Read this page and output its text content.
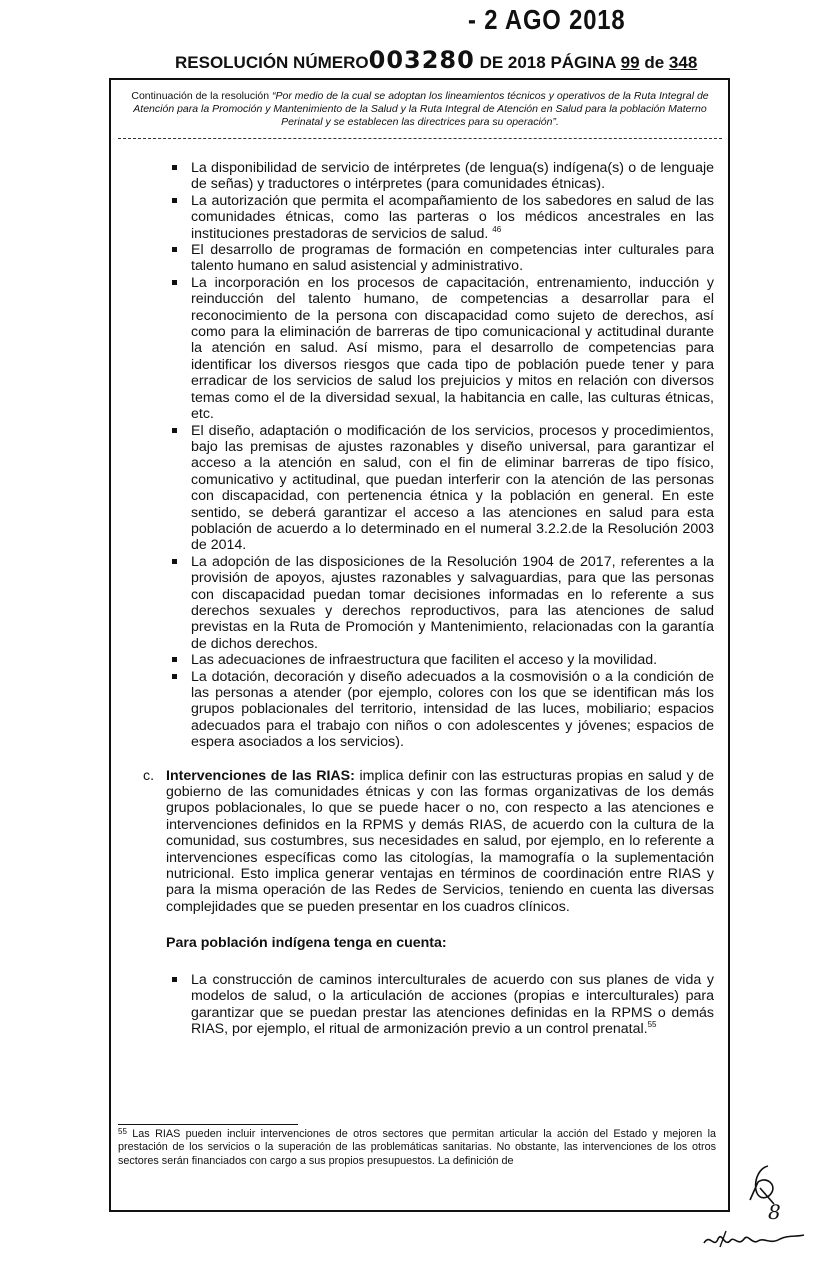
- 2 AGO 2018
RESOLUCIÓN NÚMERO003280 DE 2018 PÁGINA 99 de 348
Continuación de la resolución “Por medio de la cual se adoptan los lineamientos técnicos y operativos de la Ruta Integral de Atención para la Promoción y Mantenimiento de la Salud y la Ruta Integral de Atención en Salud para la población Materno Perinatal y se establecen las directrices para su operación”.
La disponibilidad de servicio de intérpretes (de lengua(s) indígena(s) o de lenguaje de señas) y traductores o intérpretes (para comunidades étnicas).
La autorización que permita el acompañamiento de los sabedores en salud de las comunidades étnicas, como las parteras o los médicos ancestrales en las instituciones prestadoras de servicios de salud. $^{46}$
El desarrollo de programas de formación en competencias inter culturales para talento humano en salud asistencial y administrativo.
La incorporación en los procesos de capacitación, entrenamiento, inducción y reinducción del talento humano, de competencias a desarrollar para el reconocimiento de la persona con discapacidad como sujeto de derechos, así como para la eliminación de barreras de tipo comunicacional y actitudinal durante la atención en salud. Así mismo, para el desarrollo de competencias para identificar los diversos riesgos que cada tipo de población puede tener y para erradicar de los servicios de salud los prejuicios y mitos en relación con diversos temas como el de la diversidad sexual, la habitancia en calle, las culturas étnicas, etc.
El diseño, adaptación o modificación de los servicios, procesos y procedimientos, bajo las premisas de ajustes razonables y diseño universal, para garantizar el acceso a la atención en salud, con el fin de eliminar barreras de tipo físico, comunicativo y actitudinal, que puedan interferir con la atención de las personas con discapacidad, con pertenencia étnica y la población en general. En este sentido, se deberá garantizar el acceso a las atenciones en salud para esta población de acuerdo a lo determinado en el numeral 3.2.2.de la Resolución 2003 de 2014.
La adopción de las disposiciones de la Resolución 1904 de 2017, referentes a la provisión de apoyos, ajustes razonables y salvaguardias, para que las personas con discapacidad puedan tomar decisiones informadas en lo referente a sus derechos sexuales y derechos reproductivos, para las atenciones de salud previstas en la Ruta de Promoción y Mantenimiento, relacionadas con la garantía de dichos derechos.
Las adecuaciones de infraestructura que faciliten el acceso y la movilidad.
La dotación, decoración y diseño adecuados a la cosmovisión o a la condición de las personas a atender (por ejemplo, colores con los que se identifican más los grupos poblacionales del territorio, intensidad de las luces, mobiliario; espacios adecuados para el trabajo con niños o con adolescentes y jóvenes; espacios de espera asociados a los servicios).
c. Intervenciones de las RIAS: implica definir con las estructuras propias en salud y de gobierno de las comunidades étnicas y con las formas organizativas de los demás grupos poblacionales, lo que se puede hacer o no, con respecto a las atenciones e intervenciones definidos en la RPMS y demás RIAS, de acuerdo con la cultura de la comunidad, sus costumbres, sus necesidades en salud, por ejemplo, en lo referente a intervenciones específicas como las citologías, la mamografía o la suplementación nutricional. Esto implica generar ventajas en términos de coordinación entre RIAS y para la misma operación de las Redes de Servicios, teniendo en cuenta las diversas complejidades que se pueden presentar en los cuadros clínicos.
Para población indígena tenga en cuenta:
La construcción de caminos interculturales de acuerdo con sus planes de vida y modelos de salud, o la articulación de acciones (propias e interculturales) para garantizar que se puedan prestar las atenciones definidas en la RPMS o demás RIAS, por ejemplo, el ritual de armonización previo a un control prenatal.$^{55}$
$^{55}$ Las RIAS pueden incluir intervenciones de otros sectores que permitan articular la acción del Estado y mejoren la prestación de los servicios o la superación de las problemáticas sanitarias. No obstante, las intervenciones de los otros sectores serán financiados con cargo a sus propios presupuestos. La definición de
8
